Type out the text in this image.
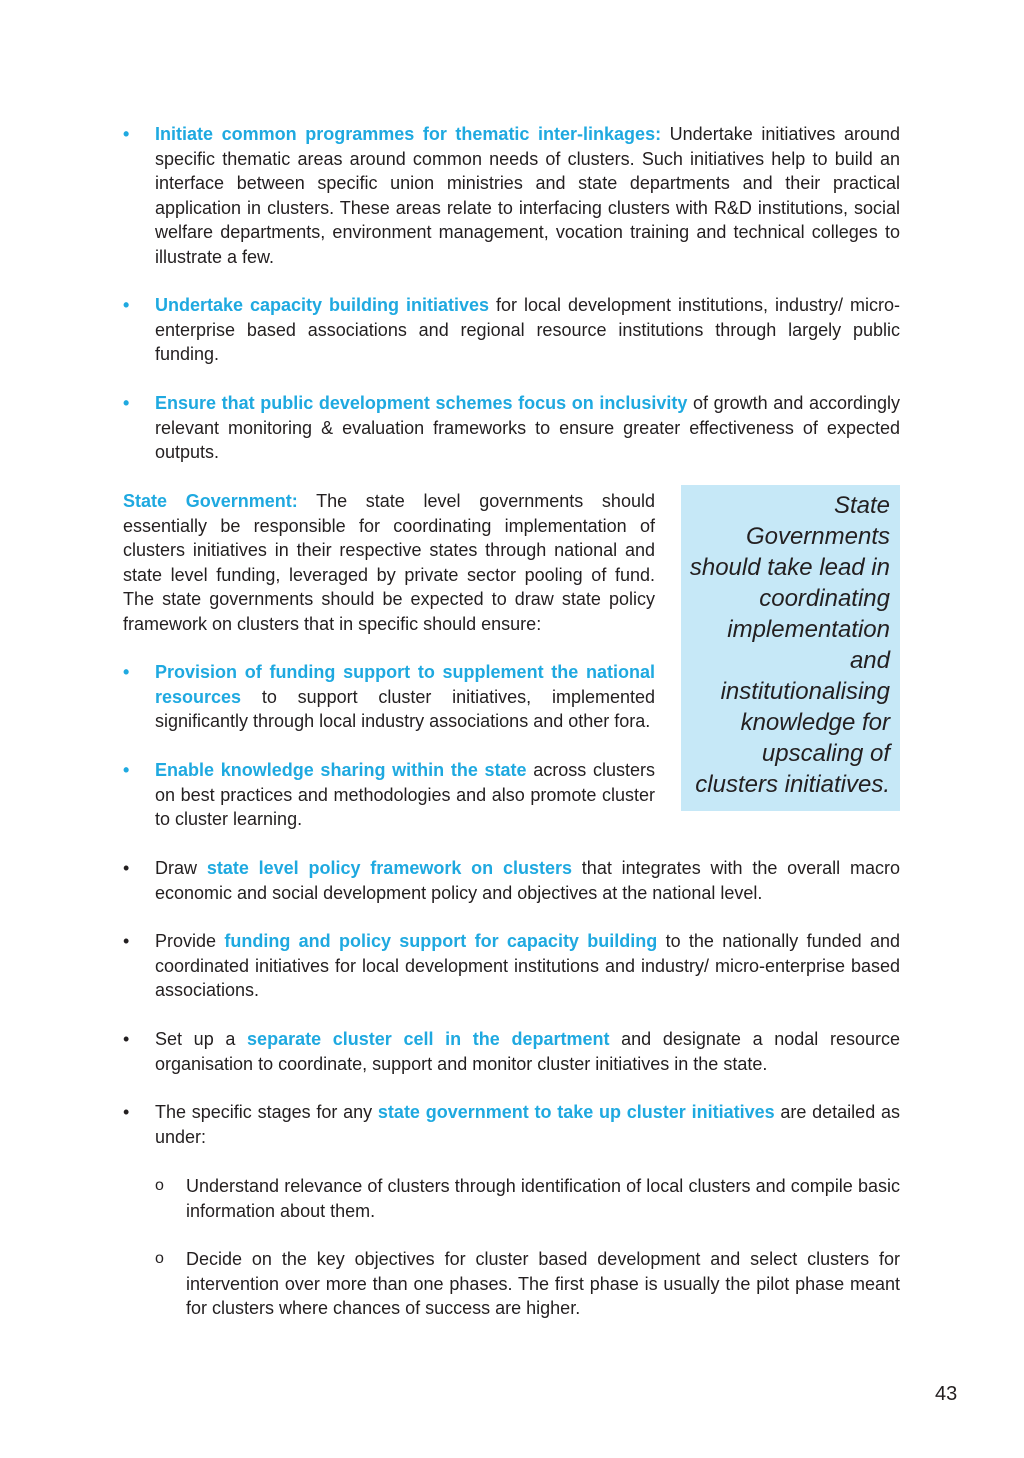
•	Initiate common programmes for thematic inter-linkages: Undertake initiatives around specific thematic areas around common needs of clusters. Such initiatives help to build an interface between specific union ministries and state departments and their practical application in clusters. These areas relate to interfacing clusters with R&D institutions, social welfare departments, environment management, vocation training and technical colleges to illustrate a few.

•	Undertake capacity building initiatives for local development institutions, industry/ micro-enterprise based associations and regional resource institutions through largely public funding.

•	Ensure that public development schemes focus on inclusivity of growth and accordingly relevant monitoring & evaluation frameworks to ensure greater effectiveness of expected outputs.

State Government: The state level governments should essentially be responsible for coordinating implementation of clusters initiatives in their respective states through national and state level funding, leveraged by private sector pooling of fund. The state governments should be expected to draw state policy framework on clusters that in specific should ensure:

•	Provision of funding support to supplement the national resources to support cluster initiatives, implemented significantly through local industry associations and other fora.

•	Enable knowledge sharing within the state across clusters on best practices and methodologies and also promote cluster to cluster learning.

State Governments should take lead in coordinating implementation and institutionalising knowledge for upscaling of clusters initiatives.

•	Draw state level policy framework on clusters that integrates with the overall macro economic and social development policy and objectives at the national level.

•	Provide funding and policy support for capacity building to the nationally funded and coordinated initiatives for local development institutions and industry/ micro-enterprise based associations.

•	Set up a separate cluster cell in the department and designate a nodal resource organisation to coordinate, support and monitor cluster initiatives in the state.

•	The specific stages for any state government to take up cluster initiatives are detailed as under:

o Understand relevance of clusters through identification of local clusters and compile basic information about them.

o Decide on the key objectives for cluster based development and select clusters for intervention over more than one phases. The first phase is usually the pilot phase meant for clusters where chances of success are higher.

43
